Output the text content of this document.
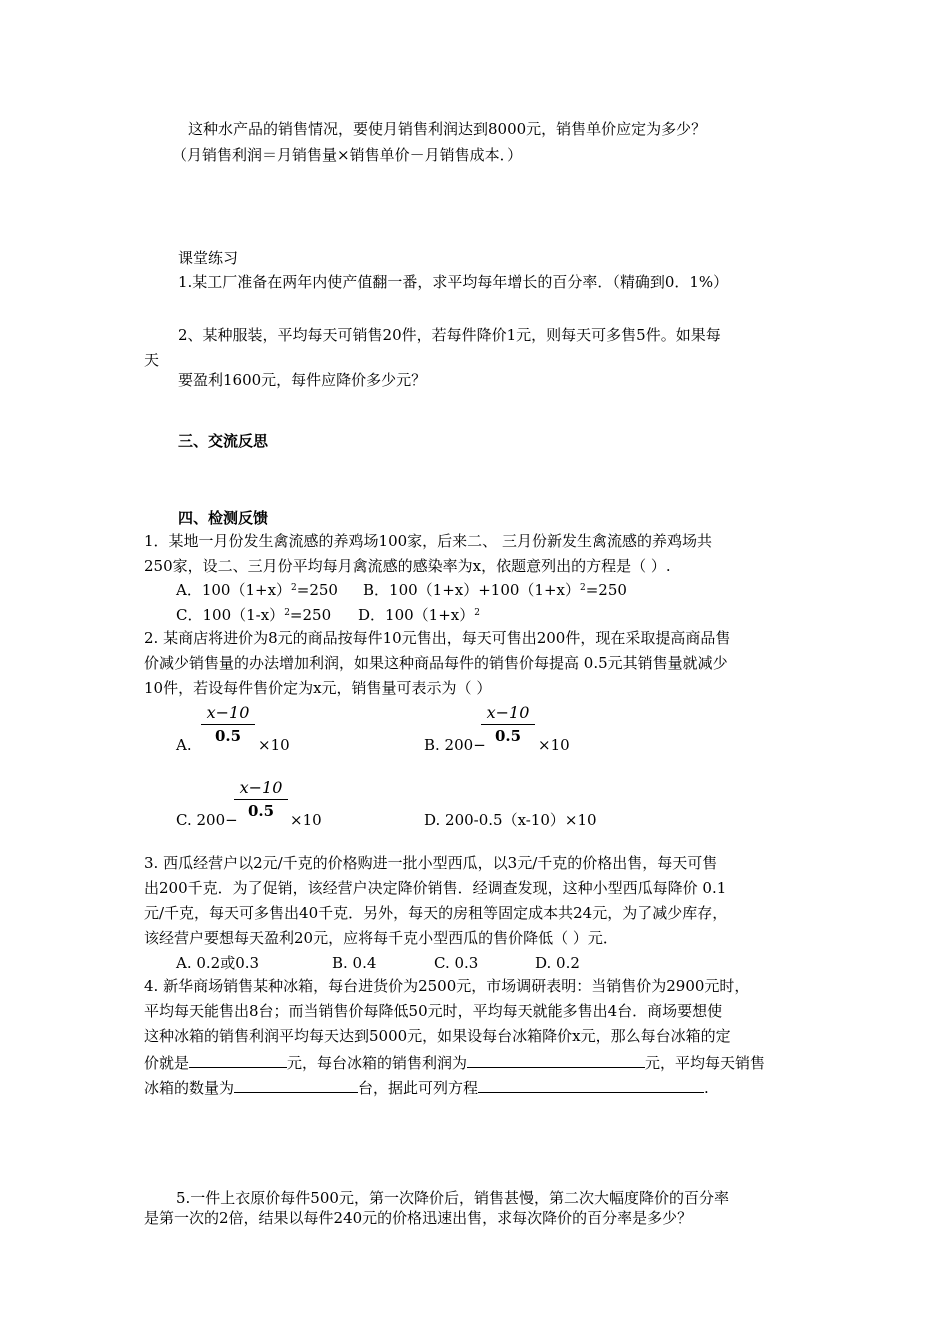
这种水产品的销售情况，要使月销售利润达到8000元，销售单价应定为多少？
（月销售利润＝月销售量×销售单价－月销售成本．）
课堂练习
1.某工厂准备在两年内使产值翻一番，求平均每年增长的百分率．（精确到0．1%）
2、某种服装，平均每天可销售20件，若每件降价1元，则每天可多售5件。如果每
天
要盈利1600元，每件应降价多少元？
三、交流反思
四、检测反馈
1．某地一月份发生禽流感的养鸡场100家，后来二、 三月份新发生禽流感的养鸡场共
250家，设二、三月份平均每月禽流感的感染率为x，依题意列出的方程是（ ）.
A．$100(1+x)^2=250$ B．$100(1+x)+100(1+x)^2=250$
C．$100(1-x)^2=250$ D．$100(1+x)^2$
2. 某商店将进价为8元的商品按每件10元售出，每天可售出200件，现在采取提高商品售
价减少销售量的办法增加利润，如果这种商品每件的销售价每提高 0.5元其销售量就减少
10件，若设每件售价定为x元，销售量可表示为（ ）
A.
x−10
0.5	×10	B. 200−
x−10
0.5	×10
C. 200−
x−10
0.5	×10	D. 200-0.5（x-10）×10
3. 西瓜经营户以2元/千克的价格购进一批小型西瓜，以3元/千克的价格出售，每天可售
出200千克．为了促销，该经营户决定降价销售．经调查发现，这种小型西瓜每降价 0.1
元/千克，每天可多售出40千克．另外，每天的房租等固定成本共24元，为了减少库存，
该经营户要想每天盈利20元，应将每千克小型西瓜的售价降低（ ）元．
A. 0.2或0.3	B. 0.4	C. 0.3	D. 0.2
4. 新华商场销售某种冰箱，每台进货价为2500元，市场调研表明：当销售价为2900元时，
平均每天能售出8台；而当销售价每降低50元时，平均每天就能多售出4台．商场要想使
这种冰箱的销售利润平均每天达到5000元，如果设每台冰箱降价x元，那么每台冰箱的定
价就是	元，每台冰箱的销售利润为	元，平均每天销售
冰箱的数量为	台，据此可列方程	.
5.一件上衣原价每件500元，第一次降价后，销售甚慢，第二次大幅度降价的百分率
是第一次的2倍，结果以每件240元的价格迅速出售，求每次降价的百分率是多少？
